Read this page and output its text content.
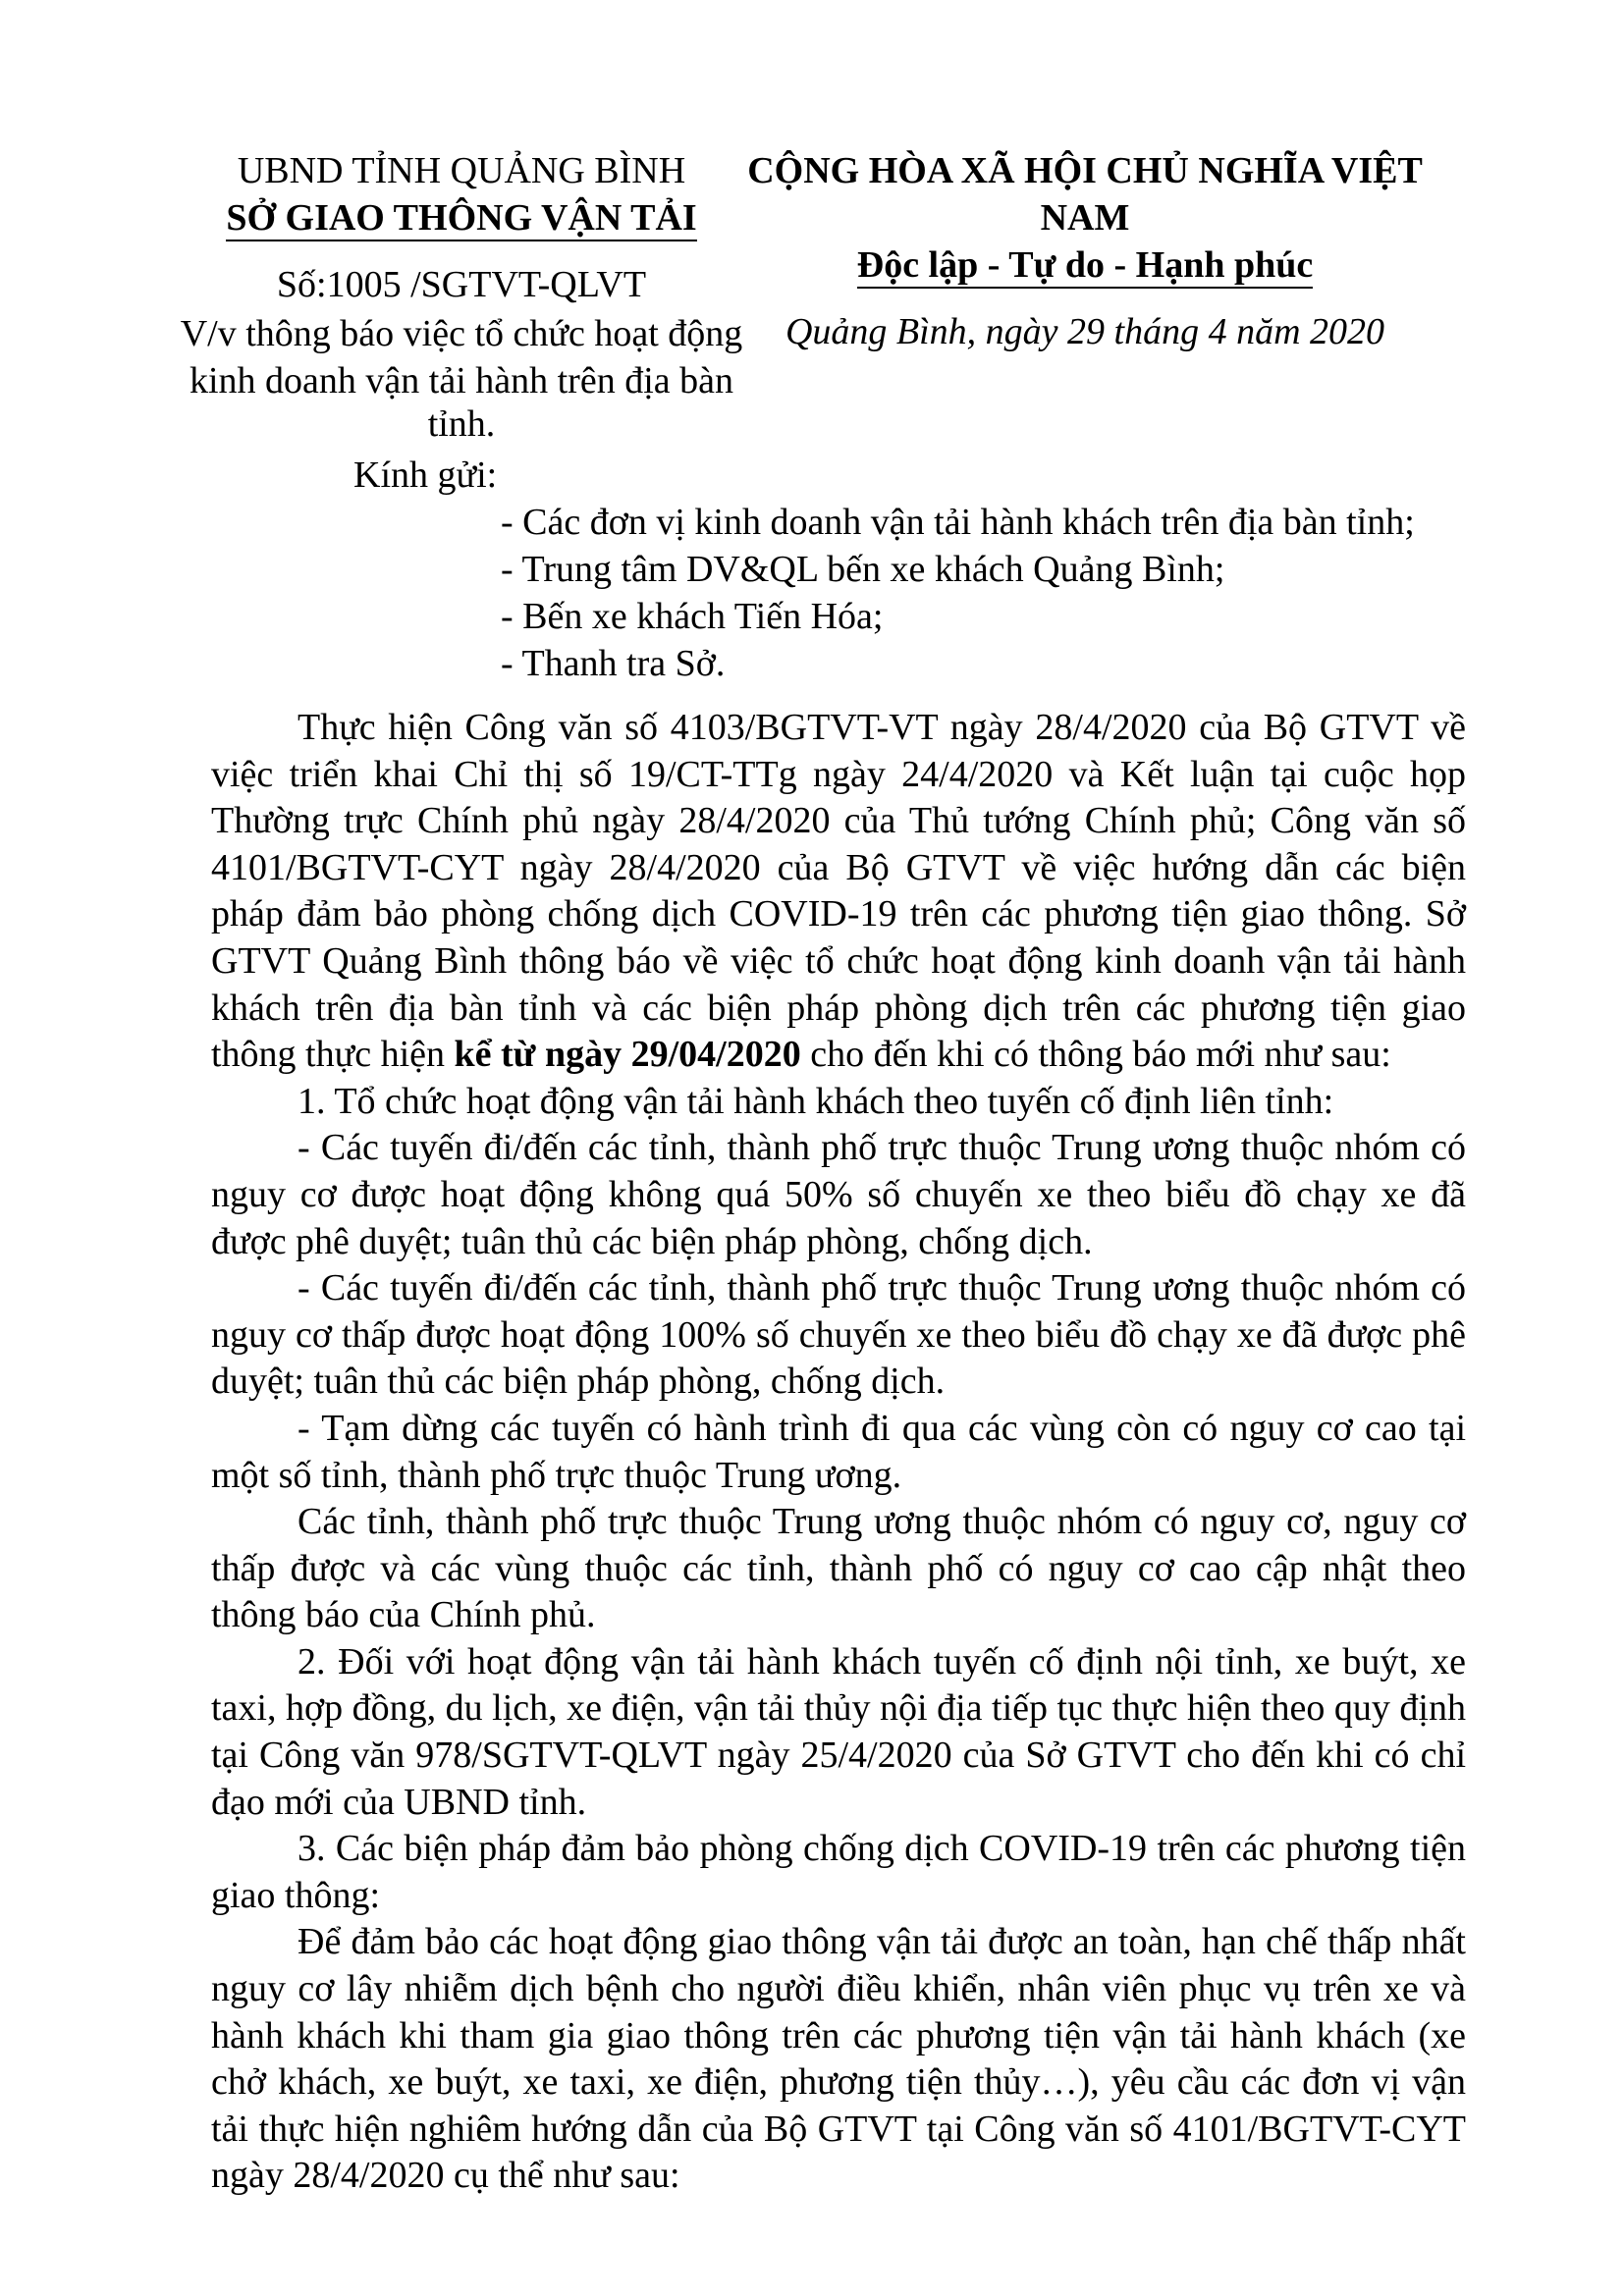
UBND TỈNH QUẢNG BÌNH
SỞ GIAO THÔNG VẬN TẢI
Số:1005 /SGTVT-QLVT
V/v thông báo việc tổ chức hoạt động
kinh doanh vận tải hành trên địa bàn tỉnh.
CỘNG HÒA XÃ HỘI CHỦ NGHĨA VIỆT NAM
Độc lập - Tự do - Hạnh phúc
Quảng Bình, ngày 29 tháng 4 năm 2020
Kính gửi:
- Các đơn vị kinh doanh vận tải hành khách trên địa bàn tỉnh;
- Trung tâm DV&QL bến xe khách Quảng Bình;
- Bến xe khách Tiến Hóa;
- Thanh tra Sở.

Thực hiện Công văn số 4103/BGTVT-VT ngày 28/4/2020 của Bộ GTVT về việc triển khai Chỉ thị số 19/CT-TTg ngày 24/4/2020 và Kết luận tại cuộc họp Thường trực Chính phủ ngày 28/4/2020 của Thủ tướng Chính phủ; Công văn số 4101/BGTVT-CYT ngày 28/4/2020 của Bộ GTVT về việc hướng dẫn các biện pháp đảm bảo phòng chống dịch COVID-19 trên các phương tiện giao thông. Sở GTVT Quảng Bình thông báo về việc tổ chức hoạt động kinh doanh vận tải hành khách trên địa bàn tỉnh và các biện pháp phòng dịch trên các phương tiện giao thông thực hiện kể từ ngày 29/04/2020 cho đến khi có thông báo mới như sau:

1. Tổ chức hoạt động vận tải hành khách theo tuyến cố định liên tỉnh:

- Các tuyến đi/đến các tỉnh, thành phố trực thuộc Trung ương thuộc nhóm có nguy cơ được hoạt động không quá 50% số chuyến xe theo biểu đồ chạy xe đã được phê duyệt; tuân thủ các biện pháp phòng, chống dịch.

- Các tuyến đi/đến các tỉnh, thành phố trực thuộc Trung ương thuộc nhóm có nguy cơ thấp được hoạt động 100% số chuyến xe theo biểu đồ chạy xe đã được phê duyệt; tuân thủ các biện pháp phòng, chống dịch.

- Tạm dừng các tuyến có hành trình đi qua các vùng còn có nguy cơ cao tại một số tỉnh, thành phố trực thuộc Trung ương.

Các tỉnh, thành phố trực thuộc Trung ương thuộc nhóm có nguy cơ, nguy cơ thấp được và các vùng thuộc các tỉnh, thành phố có nguy cơ cao cập nhật theo thông báo của Chính phủ.

2. Đối với hoạt động vận tải hành khách tuyến cố định nội tỉnh, xe buýt, xe taxi, hợp đồng, du lịch, xe điện, vận tải thủy nội địa tiếp tục thực hiện theo quy định tại Công văn 978/SGTVT-QLVT ngày 25/4/2020 của Sở GTVT cho đến khi có chỉ đạo mới của UBND tỉnh.

3. Các biện pháp đảm bảo phòng chống dịch COVID-19 trên các phương tiện giao thông:

Để đảm bảo các hoạt động giao thông vận tải được an toàn, hạn chế thấp nhất nguy cơ lây nhiễm dịch bệnh cho người điều khiển, nhân viên phục vụ trên xe và hành khách khi tham gia giao thông trên các phương tiện vận tải hành khách (xe chở khách, xe buýt, xe taxi, xe điện, phương tiện thủy…), yêu cầu các đơn vị vận tải thực hiện nghiêm hướng dẫn của Bộ GTVT tại Công văn số 4101/BGTVT-CYT ngày 28/4/2020 cụ thể như sau:
